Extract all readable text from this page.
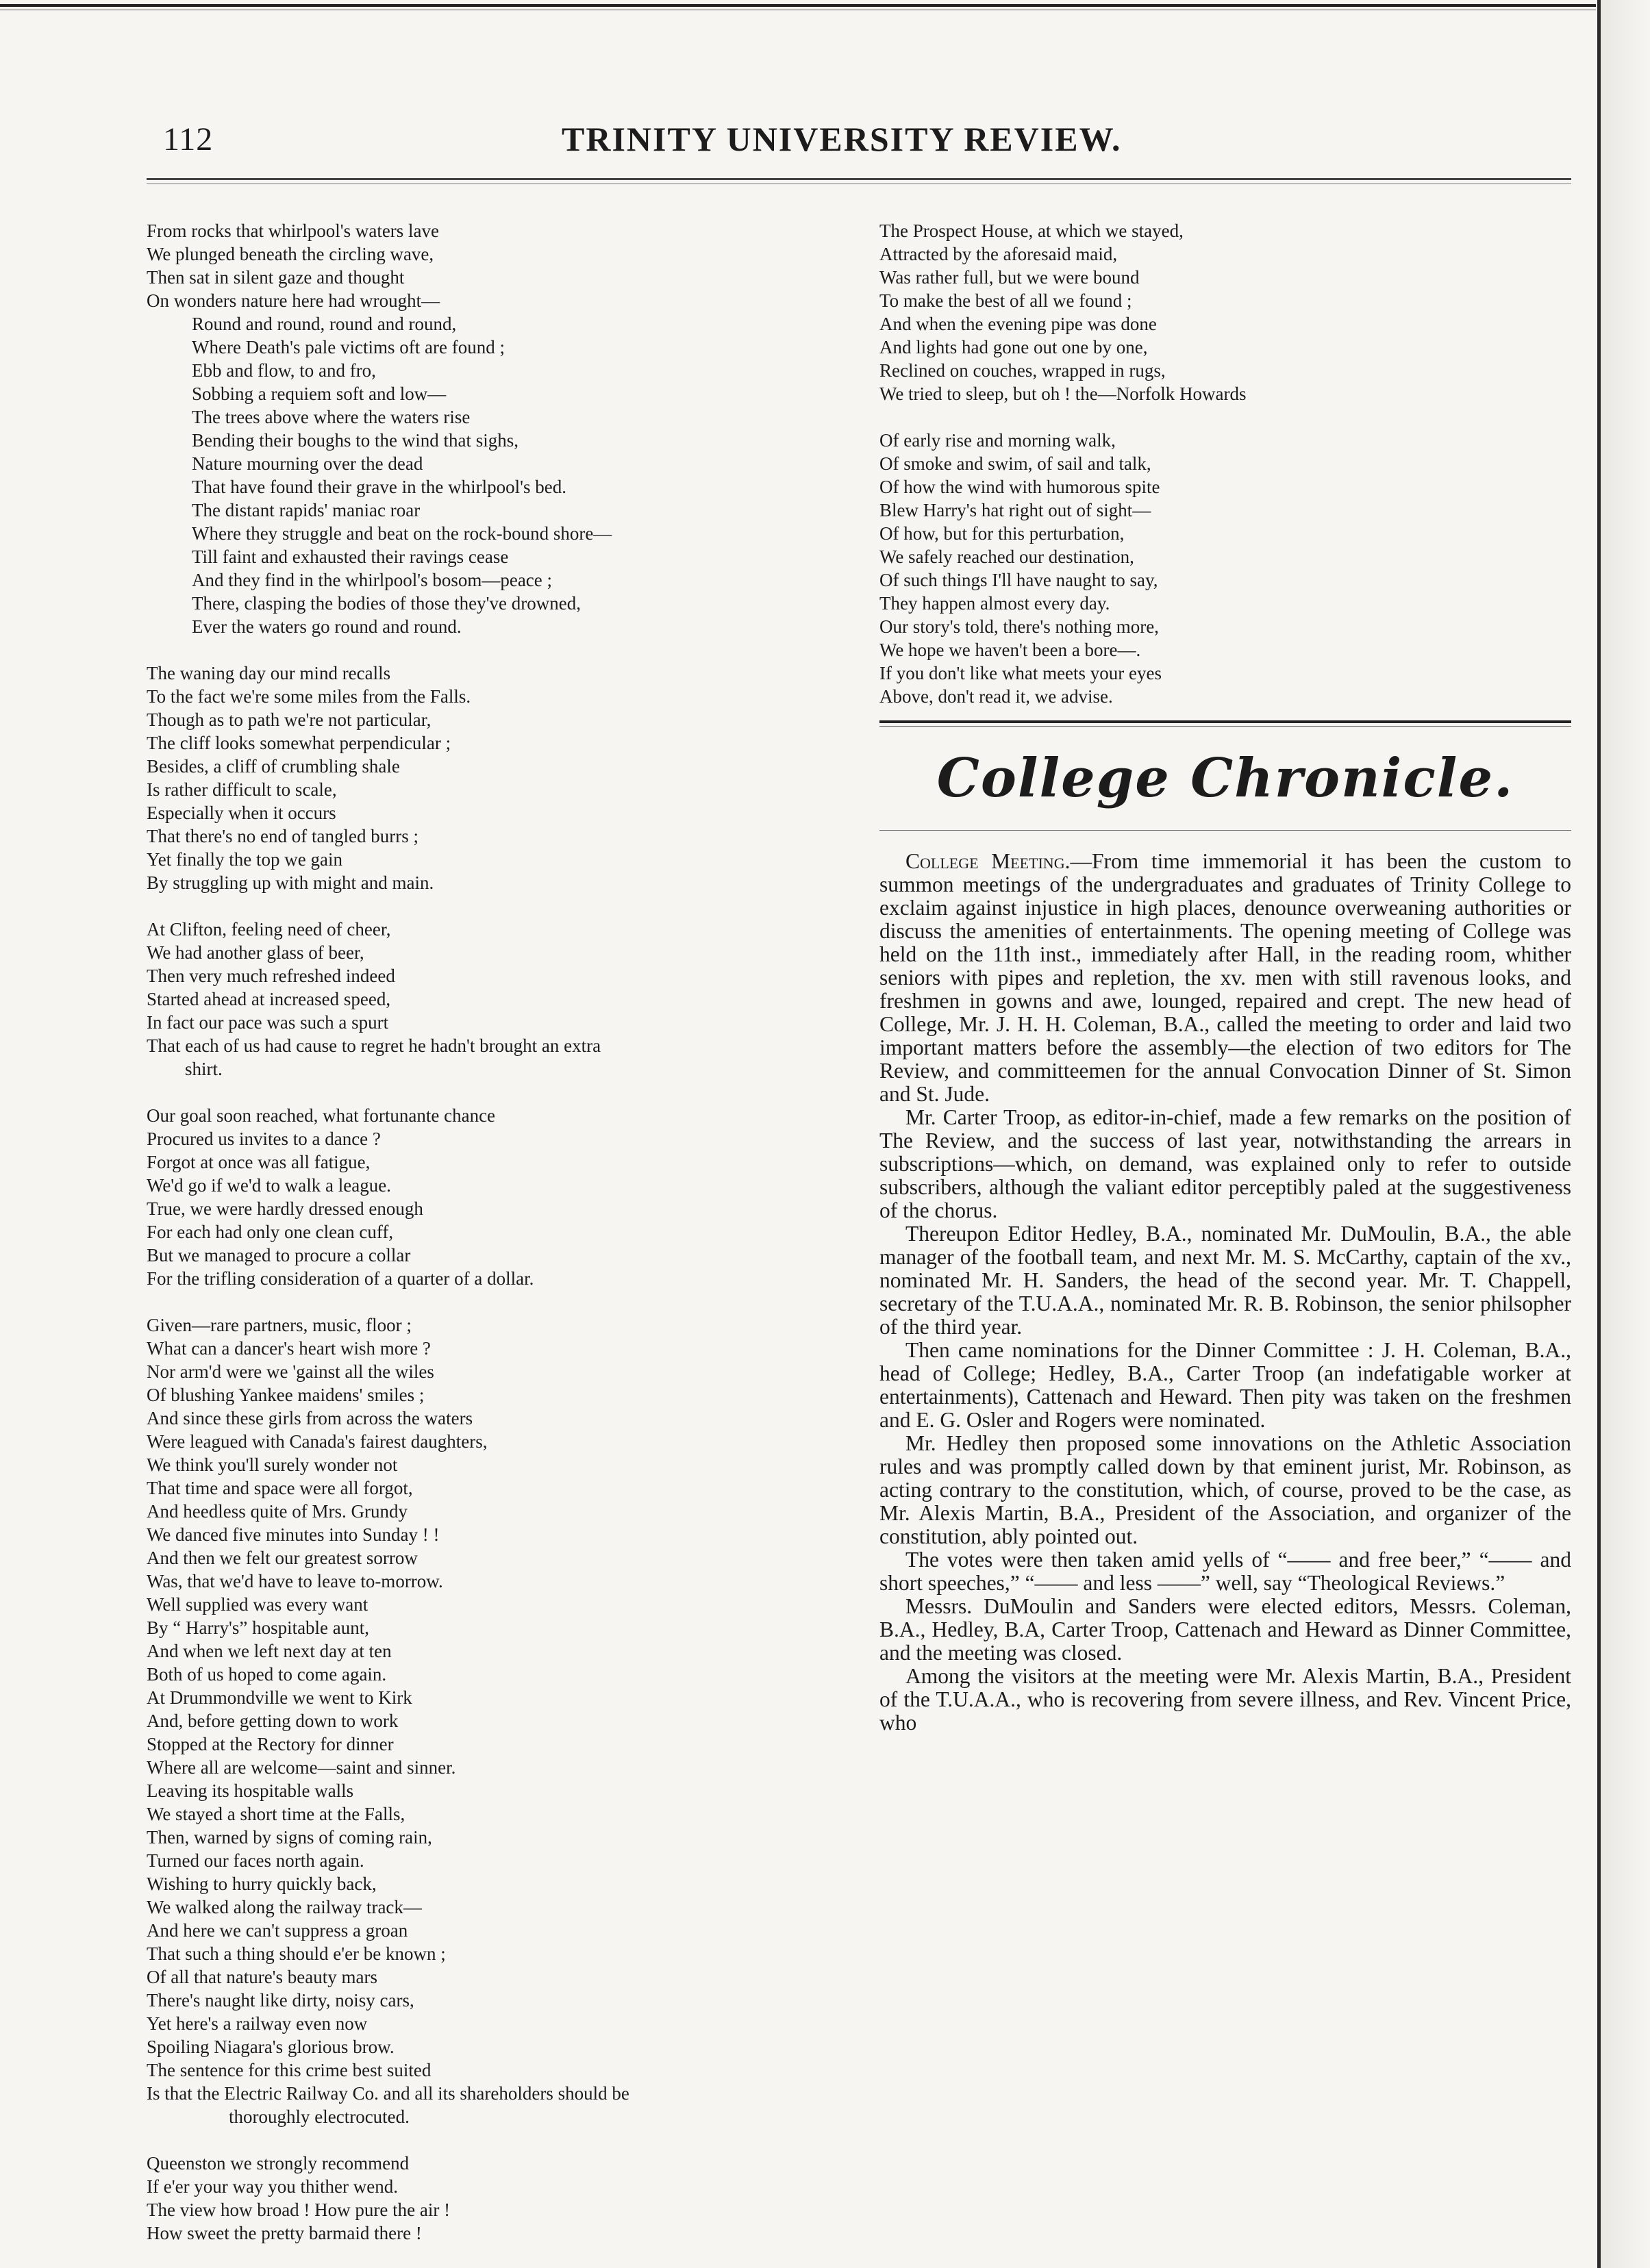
112	TRINITY UNIVERSITY REVIEW.

From rocks that whirlpool's waters lave

We plunged beneath the circling wave,

Then sat in silent gaze and thought

On wonders nature here had wrought—

Round and round, round and round,

Where Death's pale victims oft are found ;

Ebb and flow, to and fro,

Sobbing a requiem soft and low—

The trees above where the waters rise

Bending their boughs to the wind that sighs,

Nature mourning over the dead

That have found their grave in the whirlpool's bed.

The distant rapids' maniac roar

Where they struggle and beat on the rock-bound shore—

Till faint and exhausted their ravings cease

And they find in the whirlpool's bosom—peace ;

There, clasping the bodies of those they've drowned,

Ever the waters go round and round.

The waning day our mind recalls

To the fact we're some miles from the Falls.

Though as to path we're not particular,

The cliff looks somewhat perpendicular ;

Besides, a cliff of crumbling shale

Is rather difficult to scale,

Especially when it occurs

That there's no end of tangled burrs ;

Yet finally the top we gain

By struggling up with might and main.

At Clifton, feeling need of cheer,

We had another glass of beer,

Then very much refreshed indeed

Started ahead at increased speed,

In fact our pace was such a spurt

That each of us had cause to regret he hadn't brought an extra

shirt.

Our goal soon reached, what fortunante chance

Procured us invites to a dance ?

Forgot at once was all fatigue,

We'd go if we'd to walk a league.

True, we were hardly dressed enough

For each had only one clean cuff,

But we managed to procure a collar

For the trifling consideration of a quarter of a dollar.

Given—rare partners, music, floor ;

What can a dancer's heart wish more ?

Nor arm'd were we 'gainst all the wiles

Of blushing Yankee maidens' smiles ;

And since these girls from across the waters

Were leagued with Canada's fairest daughters,

We think you'll surely wonder not

That time and space were all forgot,

And heedless quite of Mrs. Grundy

We danced five minutes into Sunday ! !

And then we felt our greatest sorrow

Was, that we'd have to leave to-morrow.

Well supplied was every want

By “ Harry's” hospitable aunt,

And when we left next day at ten

Both of us hoped to come again.

At Drummondville we went to Kirk

And, before getting down to work

Stopped at the Rectory for dinner

Where all are welcome—saint and sinner.

Leaving its hospitable walls

We stayed a short time at the Falls,

Then, warned by signs of coming rain,

Turned our faces north again.

Wishing to hurry quickly back,

We walked along the railway track—

And here we can't suppress a groan

That such a thing should e'er be known ;

Of all that nature's beauty mars

There's naught like dirty, noisy cars,

Yet here's a railway even now

Spoiling Niagara's glorious brow.

The sentence for this crime best suited

Is that the Electric Railway Co. and all its shareholders should be

thoroughly electrocuted.

Queenston we strongly recommend

If e'er your way you thither wend.

The view how broad ! How pure the air !

How sweet the pretty barmaid there !

The Prospect House, at which we stayed,

Attracted by the aforesaid maid,

Was rather full, but we were bound

To make the best of all we found ;

And when the evening pipe was done

And lights had gone out one by one,

Reclined on couches, wrapped in rugs,

We tried to sleep, but oh ! the—Norfolk Howards

Of early rise and morning walk,

Of smoke and swim, of sail and talk,

Of how the wind with humorous spite

Blew Harry's hat right out of sight—

Of how, but for this perturbation,

We safely reached our destination,

Of such things I'll have naught to say,

They happen almost every day.

Our story's told, there's nothing more,

We hope we haven't been a bore—.

If you don't like what meets your eyes

Above, don't read it, we advise.

College Chronicle.

College Meeting.—From time immemorial it has been the custom to summon meetings of the undergraduates and graduates of Trinity College to exclaim against injustice in high places, denounce overweaning authorities or discuss the amenities of entertainments. The opening meeting of College was held on the 11th inst., immediately after Hall, in the reading room, whither seniors with pipes and repletion, the xv. men with still ravenous looks, and freshmen in gowns and awe, lounged, repaired and crept. The new head of College, Mr. J. H. H. Coleman, B.A., called the meeting to order and laid two important matters before the assembly—the election of two editors for The Review, and committeemen for the annual Convocation Dinner of St. Simon and St. Jude.

Mr. Carter Troop, as editor-in-chief, made a few remarks on the position of The Review, and the success of last year, notwithstanding the arrears in subscriptions—which, on demand, was explained only to refer to outside subscribers, although the valiant editor perceptibly paled at the suggestiveness of the chorus.

Thereupon Editor Hedley, B.A., nominated Mr. DuMoulin, B.A., the able manager of the football team, and next Mr. M. S. McCarthy, captain of the xv., nominated Mr. H. Sanders, the head of the second year. Mr. T. Chappell, secretary of the T.U.A.A., nominated Mr. R. B. Robinson, the senior philsopher of the third year.

Then came nominations for the Dinner Committee : J. H. Coleman, B.A., head of College; Hedley, B.A., Carter Troop (an indefatigable worker at entertainments), Cattenach and Heward. Then pity was taken on the freshmen and E. G. Osler and Rogers were nominated.

Mr. Hedley then proposed some innovations on the Athletic Association rules and was promptly called down by that eminent jurist, Mr. Robinson, as acting contrary to the constitution, which, of course, proved to be the case, as Mr. Alexis Martin, B.A., President of the Association, and organizer of the constitution, ably pointed out.

The votes were then taken amid yells of “—— and free beer,” “—— and short speeches,” “—— and less ——” well, say “Theological Reviews.”

Messrs. DuMoulin and Sanders were elected editors, Messrs. Coleman, B.A., Hedley, B.A, Carter Troop, Cattenach and Heward as Dinner Committee, and the meeting was closed.

Among the visitors at the meeting were Mr. Alexis Martin, B.A., President of the T.U.A.A., who is recovering from severe illness, and Rev. Vincent Price, who
